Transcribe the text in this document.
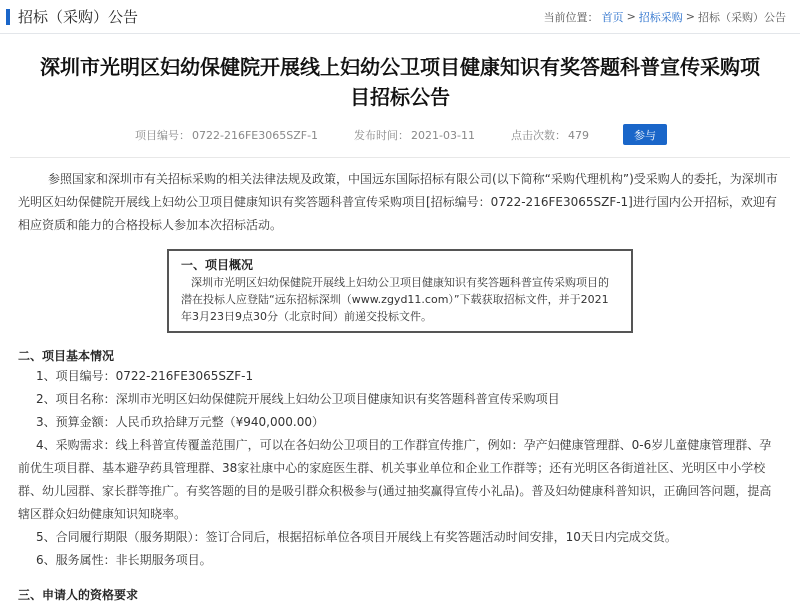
招标（采购）公告	当前位置： 首页 > 招标采购 > 招标（采购）公告
深圳市光明区妇幼保健院开展线上妇幼公卫项目健康知识有奖答题科普宣传采购项目招标公告
项目编号： 0722-216FE3065SZF-1	发布时间： 2021-03-11	点击次数： 479	参与

参照国家和深圳市有关招标采购的相关法律法规及政策，中国远东国际招标有限公司(以下简称“采购代理机构”)受采购人的委托，为深圳市光明区妇幼保健院开展线上妇幼公卫项目健康知识有奖答题科普宣传采购项目[招标编号：0722-216FE3065SZF-1]进行国内公开招标，欢迎有相应资质和能力的合格投标人参加本次招标活动。

一、项目概况

深圳市光明区妇幼保健院开展线上妇幼公卫项目健康知识有奖答题科普宣传采购项目的潜在投标人应登陆“远东招标深圳（www.zgyd11.com）”下载获取招标文件，并于2021年3月23日9点30分（北京时间）前递交投标文件。

二、项目基本情况
1、项目编号：0722-216FE3065SZF-1
2、项目名称：深圳市光明区妇幼保健院开展线上妇幼公卫项目健康知识有奖答题科普宣传采购项目
3、预算金额：人民币玖拾肆万元整（¥940,000.00）
4、采购需求：线上科普宣传覆盖范围广，可以在各妇幼公卫项目的工作群宣传推广，例如：孕产妇健康管理群、0-6岁儿童健康管理群、孕前优生项目群、基本避孕药具管理群、38家社康中心的家庭医生群、机关事业单位和企业工作群等；还有光明区各街道社区、光明区中小学校群、幼儿园群、家长群等推广。有奖答题的目的是吸引群众积极参与(通过抽奖赢得宣传小礼品)。普及妇幼健康科普知识，正确回答问题，提高辖区群众妇幼健康知识知晓率。
5、合同履行期限（服务期限）：签订合同后，根据招标单位各项目开展线上有奖答题活动时间安排，10天日内完成交货。
6、服务属性：非长期服务项目。
三、申请人的资格要求
